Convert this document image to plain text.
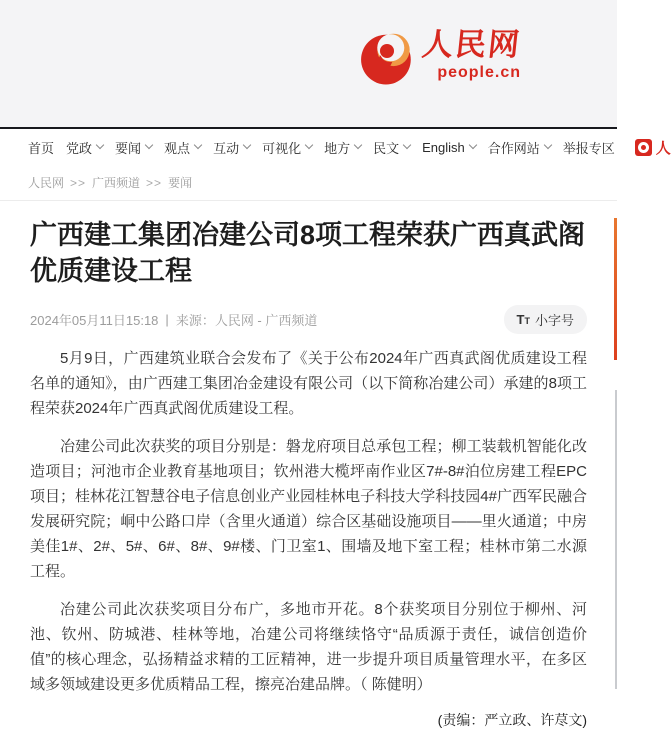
人民网
people.cn
首页 党政 要闻 观点 互动 可视化 地方 民文 English 合作网站 举报专区	人
人民网 >> 广西频道 >> 要闻
广西建工集团冶建公司8项工程荣获广西真武阁优质建设工程
2024年05月11日15:18 | 来源：人民网 - 广西频道	T T 小字号

5月9日，广西建筑业联合会发布了《关于公布2024年广西真武阁优质建设工程名单的通知》，由广西建工集团冶金建设有限公司（以下简称冶建公司）承建的8项工程荣获2024年广西真武阁优质建设工程。

冶建公司此次获奖的项目分别是：磐龙府项目总承包工程；柳工装载机智能化改造项目；河池市企业教育基地项目；钦州港大榄坪南作业区7#-8#泊位房建工程EPC项目；桂林花江智慧谷电子信息创业产业园桂林电子科技大学科技园4#广西军民融合发展研究院；峒中公路口岸（含里火通道）综合区基础设施项目——里火通道；中房美佳1#、2#、5#、6#、8#、9#楼、门卫室1、围墙及地下室工程；桂林市第二水源工程。

冶建公司此次获奖项目分布广，多地市开花。8个获奖项目分别位于柳州、河池、钦州、防城港、桂林等地，冶建公司将继续恪守“品质源于责任，诚信创造价值”的核心理念，弘扬精益求精的工匠精神，进一步提升项目质量管理水平，在多区域多领域建设更多优质精品工程，擦亮冶建品牌。（ 陈健明）

(责编：严立政、许荩文)
